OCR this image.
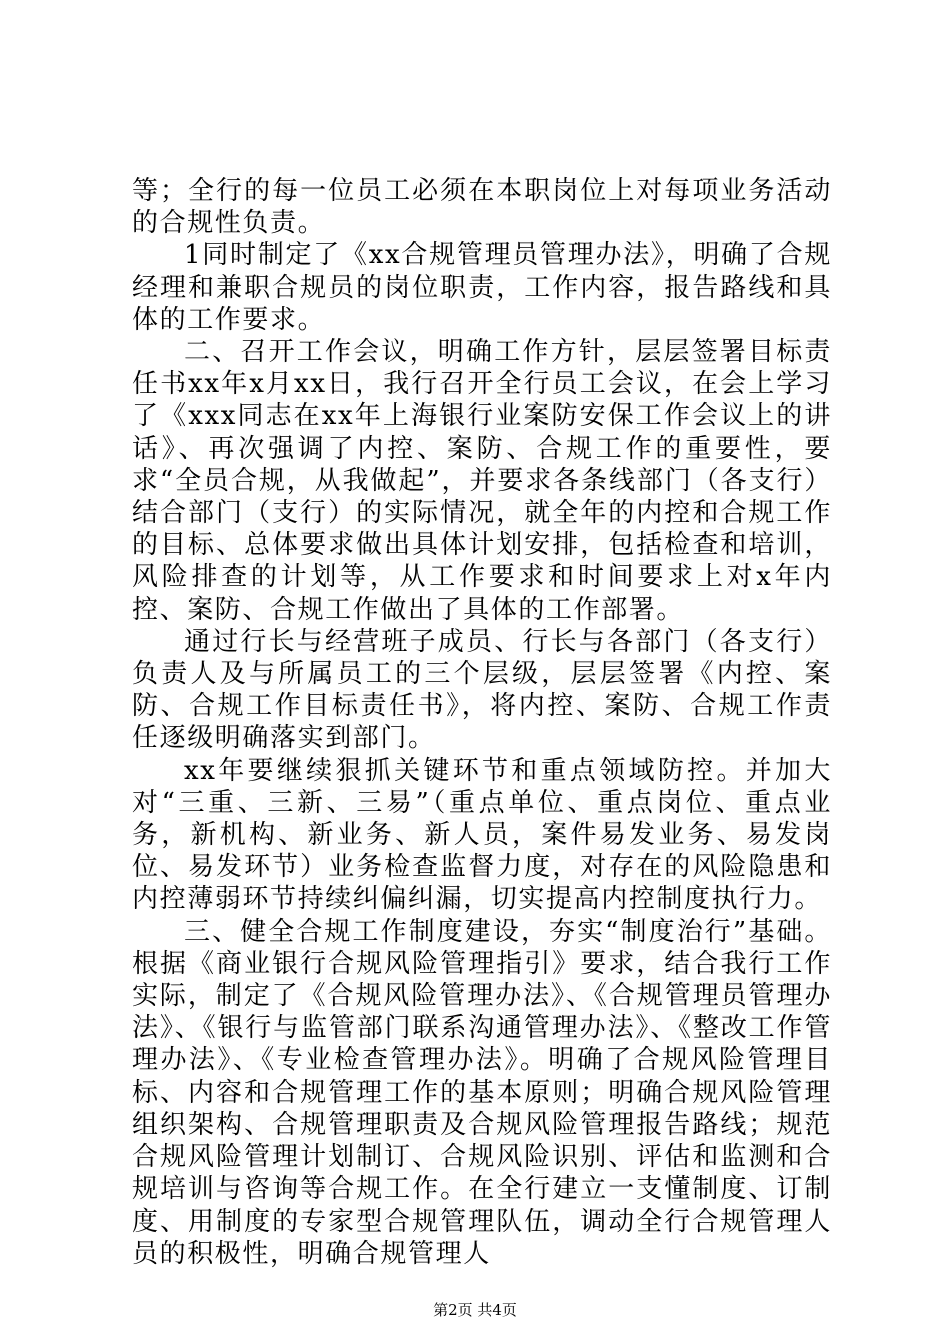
等；全行的每一位员工必须在本职岗位上对每项业务活动的合规性负责。

1同时制定了《xx合规管理员管理办法》，明确了合规经理和兼职合规员的岗位职责，工作内容，报告路线和具体的工作要求。

二、召开工作会议，明确工作方针，层层签署目标责任书xx年x月xx日，我行召开全行员工会议，在会上学习了《xxx同志在xx年上海银行业案防安保工作会议上的讲话》、再次强调了内控、案防、合规工作的重要性，要求“全员合规，从我做起”，并要求各条线部门（各支行）结合部门（支行）的实际情况，就全年的内控和合规工作的目标、总体要求做出具体计划安排，包括检查和培训，风险排查的计划等，从工作要求和时间要求上对x年内控、案防、合规工作做出了具体的工作部署。

通过行长与经营班子成员、行长与各部门（各支行）负责人及与所属员工的三个层级，层层签署《内控、案防、合规工作目标责任书》，将内控、案防、合规工作责任逐级明确落实到部门。

xx年要继续狠抓关键环节和重点领域防控。并加大对“三重、三新、三易”（重点单位、重点岗位、重点业务，新机构、新业务、新人员，案件易发业务、易发岗位、易发环节）业务检查监督力度，对存在的风险隐患和内控薄弱环节持续纠偏纠漏，切实提高内控制度执行力。

三、健全合规工作制度建设，夯实“制度治行”基础。根据《商业银行合规风险管理指引》要求，结合我行工作实际，制定了《合规风险管理办法》、《合规管理员管理办法》、《银行与监管部门联系沟通管理办法》、《整改工作管理办法》、《专业检查管理办法》。明确了合规风险管理目标、内容和合规管理工作的基本原则；明确合规风险管理组织架构、合规管理职责及合规风险管理报告路线；规范合规风险管理计划制订、合规风险识别、评估和监测和合规培训与咨询等合规工作。在全行建立一支懂制度、订制度、用制度的专家型合规管理队伍，调动全行合规管理人员的积极性，明确合规管理人

第2页 共4页
